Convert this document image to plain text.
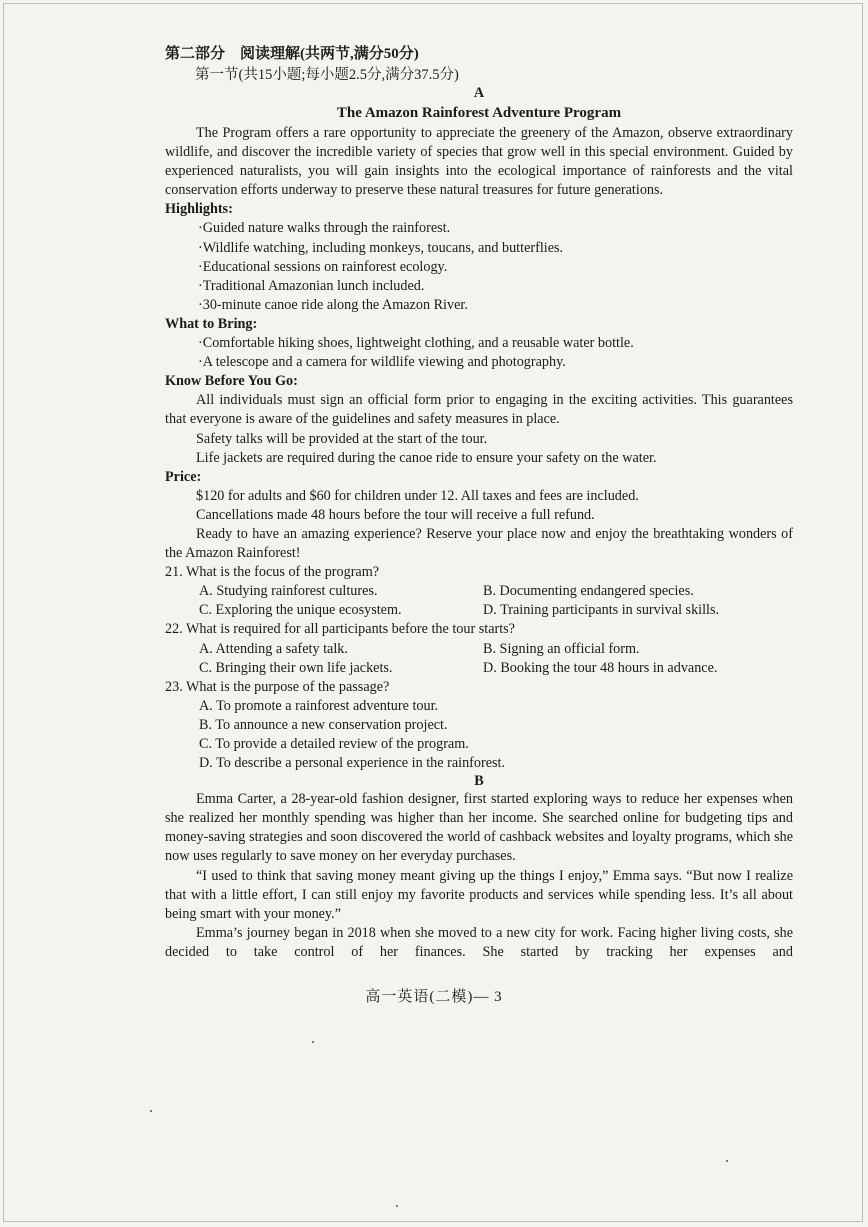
第二部分　阅读理解(共两节,满分50分)
第一节(共15小题;每小题2.5分,满分37.5分)
A
The Amazon Rainforest Adventure Program

The Program offers a rare opportunity to appreciate the greenery of the Amazon, observe extraordinary wildlife, and discover the incredible variety of species that grow well in this special environment. Guided by experienced naturalists, you will gain insights into the ecological importance of rainforests and the vital conservation efforts underway to preserve these natural treasures for future generations.

Highlights:
·Guided nature walks through the rainforest.
·Wildlife watching, including monkeys, toucans, and butterflies.
·Educational sessions on rainforest ecology.
·Traditional Amazonian lunch included.
·30-minute canoe ride along the Amazon River.
What to Bring:
·Comfortable hiking shoes, lightweight clothing, and a reusable water bottle.
·A telescope and a camera for wildlife viewing and photography.
Know Before You Go:

All individuals must sign an official form prior to engaging in the exciting activities. This guarantees that everyone is aware of the guidelines and safety measures in place.

Safety talks will be provided at the start of the tour.
Life jackets are required during the canoe ride to ensure your safety on the water.
Price:
$120 for adults and $60 for children under 12. All taxes and fees are included.
Cancellations made 48 hours before the tour will receive a full refund.

Ready to have an amazing experience? Reserve your place now and enjoy the breathtaking wonders of the Amazon Rainforest!

21. What is the focus of the program?
A. Studying rainforest cultures.	B. Documenting endangered species.
C. Exploring the unique ecosystem.	D. Training participants in survival skills.
22. What is required for all participants before the tour starts?
A. Attending a safety talk.	B. Signing an official form.
C. Bringing their own life jackets.	D. Booking the tour 48 hours in advance.
23. What is the purpose of the passage?
A. To promote a rainforest adventure tour.
B. To announce a new conservation project.
C. To provide a detailed review of the program.
D. To describe a personal experience in the rainforest.
B

Emma Carter, a 28-year-old fashion designer, first started exploring ways to reduce her expenses when she realized her monthly spending was higher than her income. She searched online for budgeting tips and money-saving strategies and soon discovered the world of cashback websites and loyalty programs, which she now uses regularly to save money on her everyday purchases.

“I used to think that saving money meant giving up the things I enjoy,” Emma says. “But now I realize that with a little effort, I can still enjoy my favorite products and services while spending less. It’s all about being smart with your money.”

Emma’s journey began in 2018 when she moved to a new city for work. Facing higher living costs, she decided to take control of her finances. She started by tracking her expenses and

高一英语(二模)— 3
